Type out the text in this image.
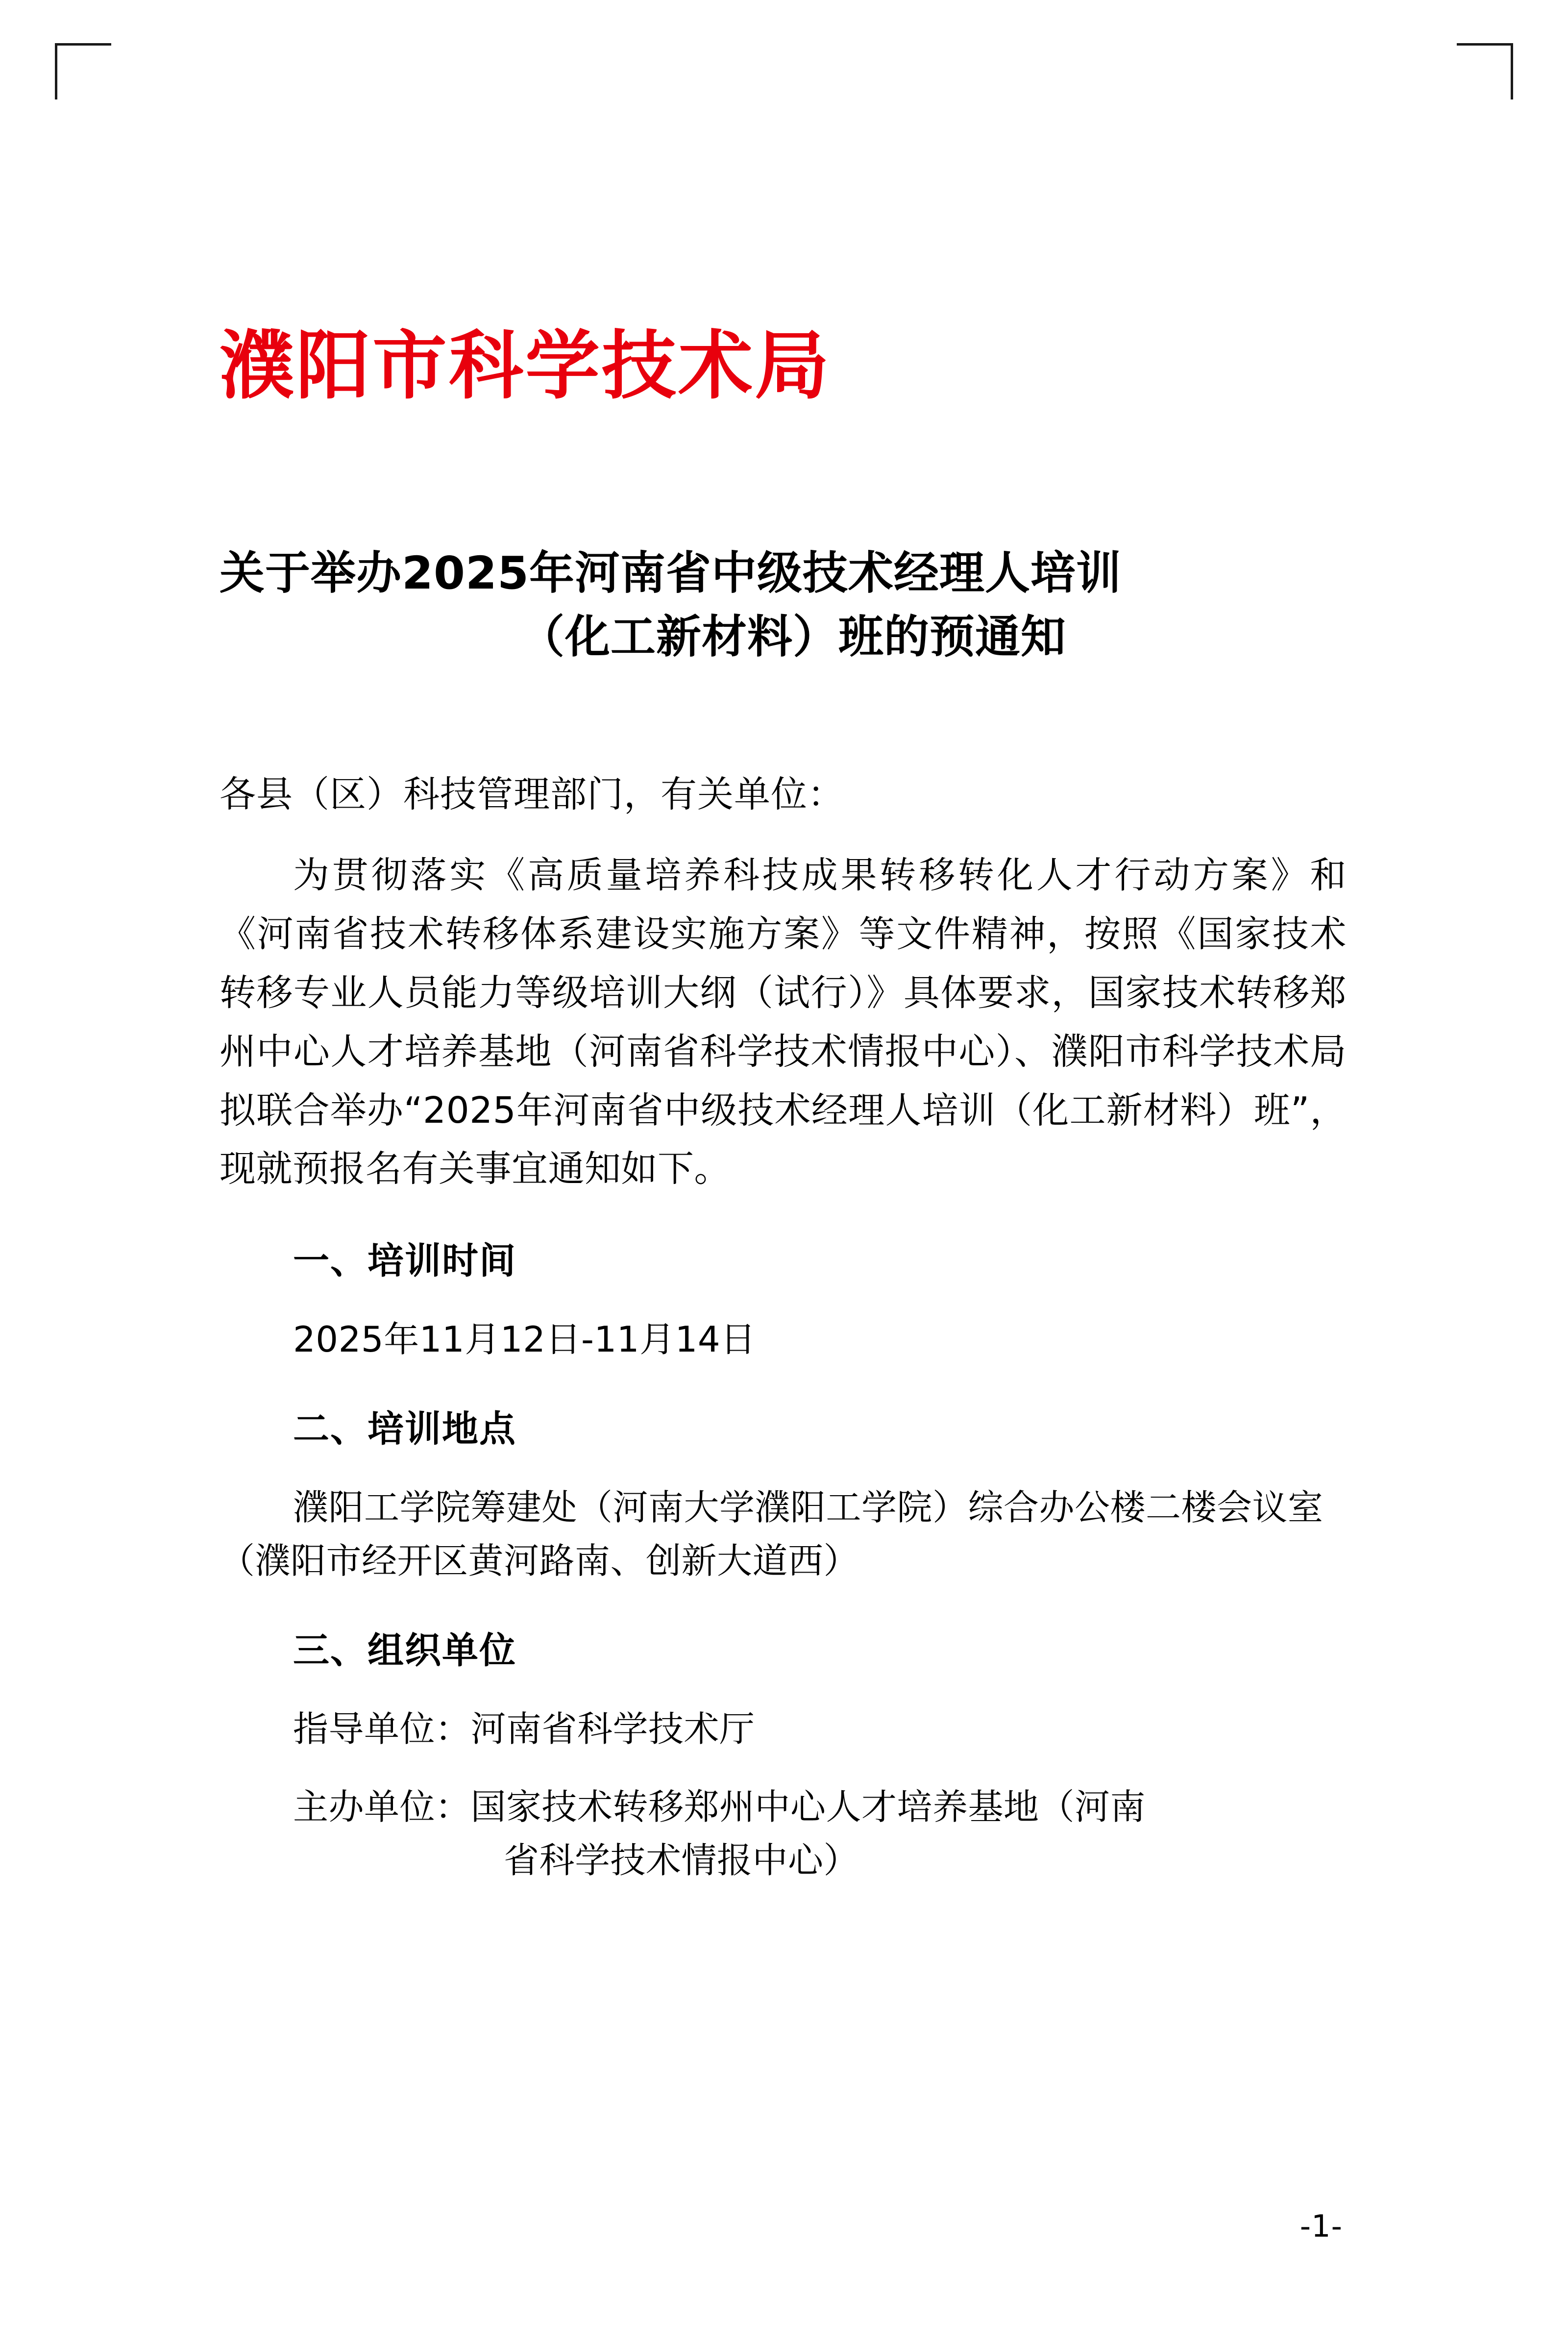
濮阳市科学技术局
关于举办2025年河南省中级技术经理人培训
（化工新材料）班的预通知
各县（区）科技管理部门，有关单位：
为贯彻落实《高质量培养科技成果转移转化人才行动方案》和《河南省技术转移体系建设实施方案》等文件精神，按照《国家技术转移专业人员能力等级培训大纲（试行）》具体要求，国家技术转移郑州中心人才培养基地（河南省科学技术情报中心）、濮阳市科学技术局拟联合举办“2025年河南省中级技术经理人培训（化工新材料）班”，现就预报名有关事宜通知如下。
一、培训时间
2025年11月12日-11月14日
二、培训地点
濮阳工学院筹建处（河南大学濮阳工学院）综合办公楼二楼会议室（濮阳市经开区黄河路南、创新大道西）
三、组织单位
指导单位：河南省科学技术厅
主办单位：国家技术转移郑州中心人才培养基地（河南
省科学技术情报中心）
-1-
